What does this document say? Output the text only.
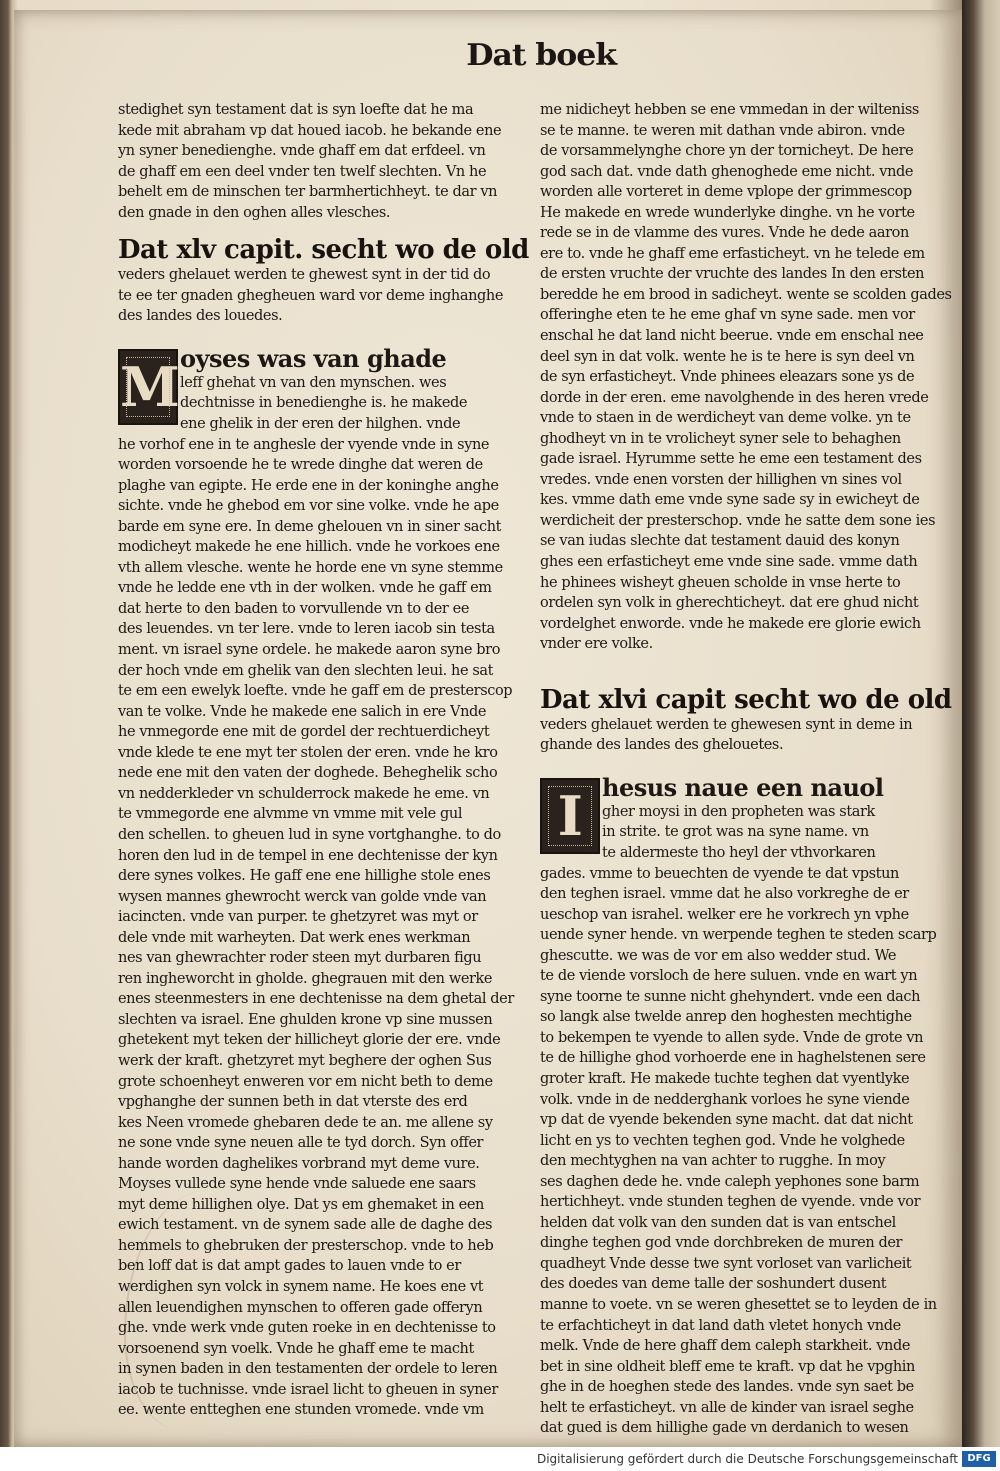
Dat boek
stedighet syn testament dat is syn loefte dat he ma
kede mit abraham vp dat houed iacob. he bekande ene
yn syner benedienghe. vnde ghaff em dat erfdeel. vn
de ghaff em een deel vnder ten twelf slechten. Vn he
behelt em de minschen ter barmhertichheyt. te dar vn
den gnade in den oghen alles vlesches.
Dat xlv capit. secht wo de old
veders ghelauet werden te ghewest synt in der tid do
te ee ter gnaden ghegheuen ward vor deme inghanghe
des landes des louedes.
M oyses was van ghade
leff ghehat vn van den mynschen. wes
dechtnisse in benedienghe is. he makede
ene ghelik in der eren der hilghen. vnde
he vorhof ene in te anghesle der vyende vnde in syne
worden vorsoende he te wrede dinghe dat weren de
plaghe van egipte. He erde ene in der koninghe anghe
sichte. vnde he ghebod em vor sine volke. vnde he ape
barde em syne ere. In deme ghelouen vn in siner sacht
modicheyt makede he ene hillich. vnde he vorkoes ene
vth allem vlesche. wente he horde ene vn syne stemme
vnde he ledde ene vth in der wolken. vnde he gaff em
dat herte to den baden to vorvullende vn to der ee
des leuendes. vn ter lere. vnde to leren iacob sin testa
ment. vn israel syne ordele. he makede aaron syne bro
der hoch vnde em ghelik van den slechten leui. he sat
te em een ewelyk loefte. vnde he gaff em de presterscop
van te volke. Vnde he makede ene salich in ere Vnde
he vnmegorde ene mit de gordel der rechtuerdicheyt
vnde klede te ene myt ter stolen der eren. vnde he kro
nede ene mit den vaten der doghede. Beheghelik scho
vn nedderkleder vn schulderrock makede he eme. vn
te vmmegorde ene alvmme vn vmme mit vele gul
den schellen. to gheuen lud in syne vortghanghe. to do
horen den lud in de tempel in ene dechtenisse der kyn
dere synes volkes. He gaff ene ene hillighe stole enes
wysen mannes ghewrocht werck van golde vnde van
iacincten. vnde van purper. te ghetzyret was myt or
dele vnde mit warheyten. Dat werk enes werkman
nes van ghewrachter roder steen myt durbaren figu
ren ingheworcht in gholde. ghegrauen mit den werke
enes steenmesters in ene dechtenisse na dem ghetal der
slechten va israel. Ene ghulden krone vp sine mussen
ghetekent myt teken der hillicheyt glorie der ere. vnde
werk der kraft. ghetzyret myt beghere der oghen Sus
grote schoenheyt enweren vor em nicht beth to deme
vpghanghe der sunnen beth in dat vterste des erd
kes Neen vromede ghebaren dede te an. me allene sy
ne sone vnde syne neuen alle te tyd dorch. Syn offer
hande worden daghelikes vorbrand myt deme vure.
Moyses vullede syne hende vnde saluede ene saars
myt deme hillighen olye. Dat ys em ghemaket in een
ewich testament. vn de synem sade alle de daghe des
hemmels to ghebruken der presterschop. vnde to heb
ben loff dat is dat ampt gades to lauen vnde to er
werdighen syn volck in synem name. He koes ene vt
allen leuendighen mynschen to offeren gade offeryn
ghe. vnde werk vnde guten roeke in en dechtenisse to
vorsoenend syn voelk. Vnde he ghaff eme te macht
in synen baden in den testamenten der ordele to leren
iacob te tuchnisse. vnde israel licht to gheuen in syner
ee. wente entteghen ene stunden vromede. vnde vm
me nidicheyt hebben se ene vmmedan in der wilteniss
se te manne. te weren mit dathan vnde abiron. vnde
de vorsammelynghe chore yn der tornicheyt. De here
god sach dat. vnde dath ghenoghede eme nicht. vnde
worden alle vorteret in deme vplope der grimmescop
He makede en wrede wunderlyke dinghe. vn he vorte
rede se in de vlamme des vures. Vnde he dede aaron
ere to. vnde he ghaff eme erfasticheyt. vn he telede em
de ersten vruchte der vruchte des landes In den ersten
beredde he em brood in sadicheyt. wente se scolden gades
offeringhe eten te he eme ghaf vn syne sade. men vor
enschal he dat land nicht beerue. vnde em enschal nee
deel syn in dat volk. wente he is te here is syn deel vn
de syn erfasticheyt. Vnde phinees eleazars sone ys de
dorde in der eren. eme navolghende in des heren vrede
vnde to staen in de werdicheyt van deme volke. yn te
ghodheyt vn in te vrolicheyt syner sele to behaghen
gade israel. Hyrumme sette he eme een testament des
vredes. vnde enen vorsten der hillighen vn sines vol
kes. vmme dath eme vnde syne sade sy in ewicheyt de
werdicheit der presterschop. vnde he satte dem sone ies
se van iudas slechte dat testament dauid des konyn
ghes een erfasticheyt eme vnde sine sade. vmme dath
he phinees wisheyt gheuen scholde in vnse herte to
ordelen syn volk in gherechticheyt. dat ere ghud nicht
vordelghet enworde. vnde he makede ere glorie ewich
vnder ere volke.
Dat xlvi capit secht wo de old
veders ghelauet werden te ghewesen synt in deme in
ghande des landes des ghelouetes.
I hesus naue een nauol
gher moysi in den propheten was stark
in strite. te grot was na syne name. vn
te aldermeste tho heyl der vthvorkaren
gades. vmme to beuechten de vyende te dat vpstun
den teghen israel. vmme dat he also vorkreghe de er
ueschop van israhel. welker ere he vorkrech yn vphe
uende syner hende. vn werpende teghen te steden scarp
ghescutte. we was de vor em also wedder stud. We
te de viende vorsloch de here suluen. vnde en wart yn
syne toorne te sunne nicht ghehyndert. vnde een dach
so langk alse twelde anrep den hoghesten mechtighe
to bekempen te vyende to allen syde. Vnde de grote vn
te de hillighe ghod vorhoerde ene in haghelstenen sere
groter kraft. He makede tuchte teghen dat vyentlyke
volk. vnde in de nedderghank vorloes he syne viende
vp dat de vyende bekenden syne macht. dat dat nicht
licht en ys to vechten teghen god. Vnde he volghede
den mechtyghen na van achter to rugghe. In moy
ses daghen dede he. vnde caleph yephones sone barm
hertichheyt. vnde stunden teghen de vyende. vnde vor
helden dat volk van den sunden dat is van entschel
dinghe teghen god vnde dorchbreken de muren der
quadheyt Vnde desse twe synt vorloset van varlicheit
des doedes van deme talle der soshundert dusent
manne to voete. vn se weren ghesettet se to leyden de in
te erfachticheyt in dat land dath vletet honych vnde
melk. Vnde de here ghaff dem caleph starkheit. vnde
bet in sine oldheit bleff eme te kraft. vp dat he vpghin
ghe in de hoeghen stede des landes. vnde syn saet be
helt te erfasticheyt. vn alle de kinder van israel seghe
dat gued is dem hillighe gade vn derdanich to wesen
Digitalisierung gefördert durch die Deutsche Forschungsgemeinschaft DFG
